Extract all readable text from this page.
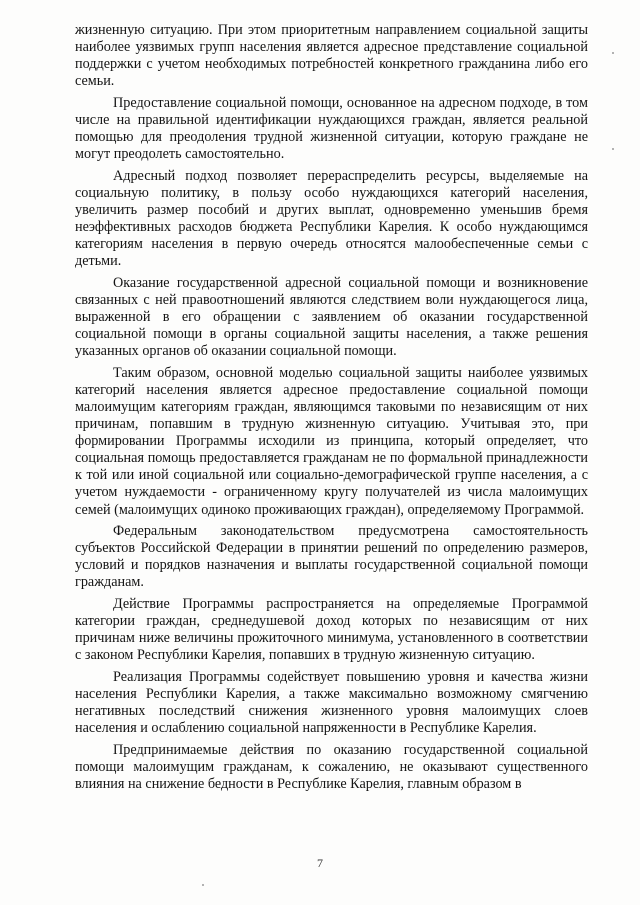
жизненную ситуацию. При этом приоритетным направлением социальной защиты наиболее уязвимых групп населения является адресное представление социальной поддержки с учетом необходимых потребностей конкретного гражданина либо его семьи.

Предоставление социальной помощи, основанное на адресном подходе, в том числе на правильной идентификации нуждающихся граждан, является реальной помощью для преодоления трудной жизненной ситуации, которую граждане не могут преодолеть самостоятельно.

Адресный подход позволяет перераспределить ресурсы, выделяемые на социальную политику, в пользу особо нуждающихся категорий населения, увеличить размер пособий и других выплат, одновременно уменьшив бремя неэффективных расходов бюджета Республики Карелия. К особо нуждающимся категориям населения в первую очередь относятся малообеспеченные семьи с детьми.

Оказание государственной адресной социальной помощи и возникновение связанных с ней правоотношений являются следствием воли нуждающегося лица, выраженной в его обращении с заявлением об оказании государственной социальной помощи в органы социальной защиты населения, а также решения указанных органов об оказании социальной помощи.

Таким образом, основной моделью социальной защиты наиболее уязвимых категорий населения является адресное предоставление социальной помощи малоимущим категориям граждан, являющимся таковыми по независящим от них причинам, попавшим в трудную жизненную ситуацию. Учитывая это, при формировании Программы исходили из принципа, который определяет, что социальная помощь предоставляется гражданам не по формальной принадлежности к той или иной социальной или социально-демографической группе населения, а с учетом нуждаемости - ограниченному кругу получателей из числа малоимущих семей (малоимущих одиноко проживающих граждан), определяемому Программой.

Федеральным законодательством предусмотрена самостоятельность субъектов Российской Федерации в принятии решений по определению размеров, условий и порядков назначения и выплаты государственной социальной помощи гражданам.

Действие Программы распространяется на определяемые Программой категории граждан, среднедушевой доход которых по независящим от них причинам ниже величины прожиточного минимума, установленного в соответствии с законом Республики Карелия, попавших в трудную жизненную ситуацию.

Реализация Программы содействует повышению уровня и качества жизни населения Республики Карелия, а также максимально возможному смягчению негативных последствий снижения жизненного уровня малоимущих слоев населения и ослаблению социальной напряженности в Республике Карелия.

Предпринимаемые действия по оказанию государственной социальной помощи малоимущим гражданам, к сожалению, не оказывают существенного влияния на снижение бедности в Республике Карелия, главным образом в

7
